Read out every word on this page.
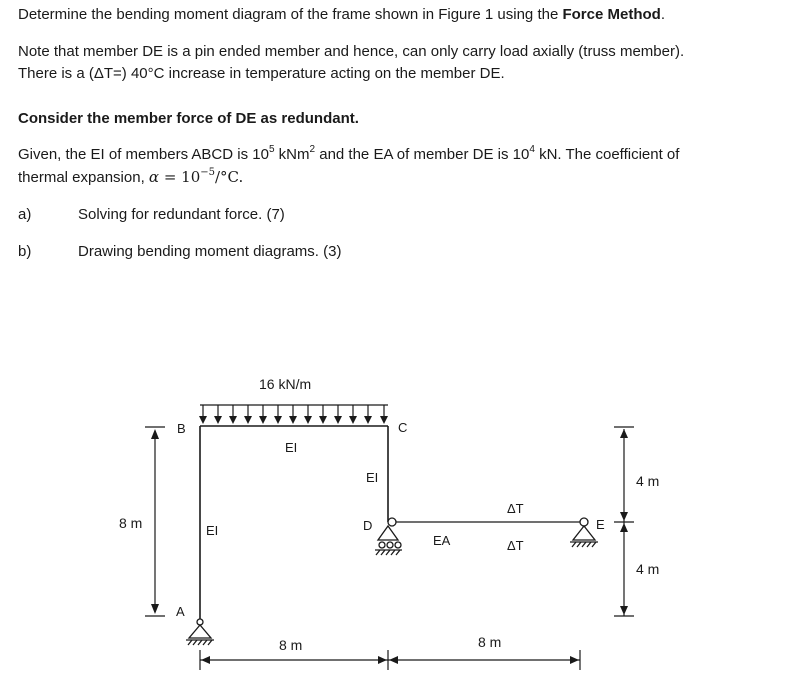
Determine the bending moment diagram of the frame shown in Figure 1 using the Force Method.
Note that member DE is a pin ended member and hence, can only carry load axially (truss member).
There is a (ΔT=) 40°C increase in temperature acting on the member DE.
Consider the member force of DE as redundant.
Given, the EI of members ABCD is $10^5$ kNm$^2$ and the EA of member DE is $10^4$ kN. The coefficient of
thermal expansion, $\alpha = 10^{-5}/^\circ C$.
a)	Solving for redundant force. (7)
b)	Drawing bending moment diagrams. (3)
16 kN/m
B	C
D	E
A
EI
EI
EI
EA
ΔT
ΔT
8 m
4 m
4 m
8 m	8 m
